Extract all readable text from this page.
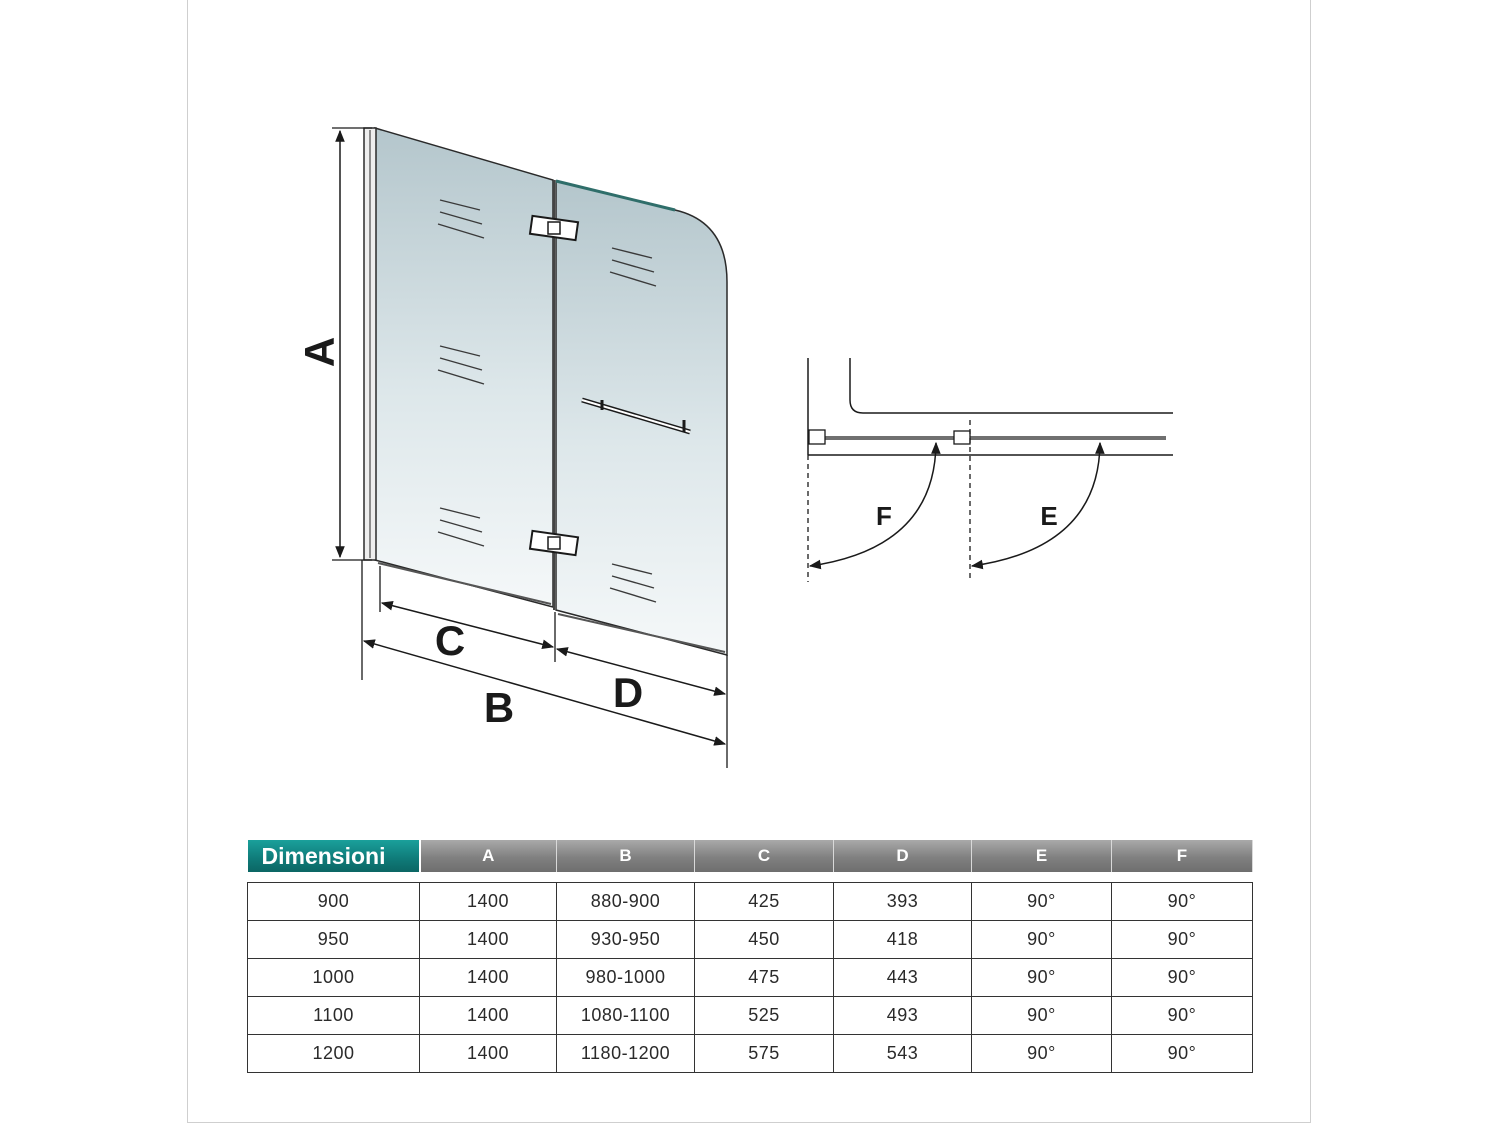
A
C
D
B
F	E
Dimensioni	A	B	C	D	E	F

900	1400	880-900	425	393	90°	90°
950	1400	930-950	450	418	90°	90°
1000	1400	980-1000	475	443	90°	90°
1100	1400	1080-1100	525	493	90°	90°
1200	1400	1180-1200	575	543	90°	90°
